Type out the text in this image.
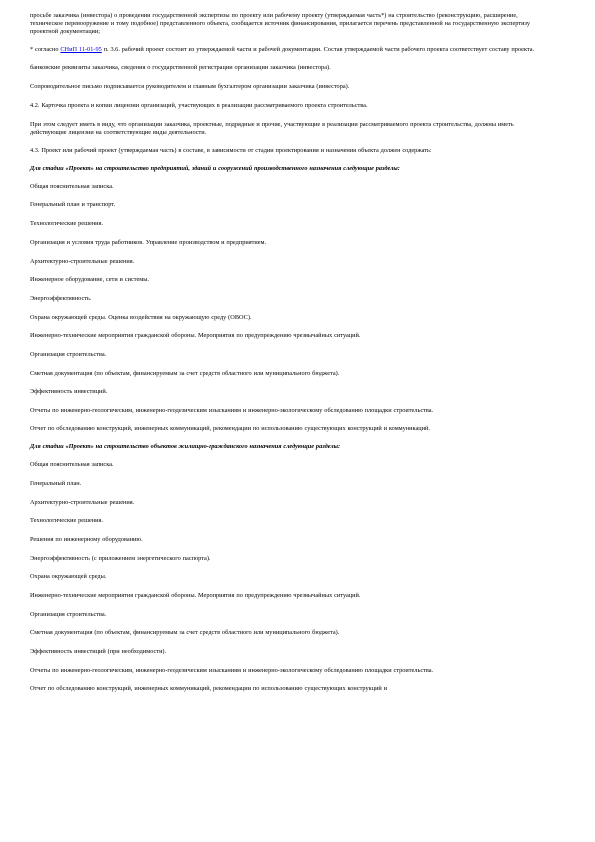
просьбе заказчика (инвестора) о проведении государственной экспертизы по проекту или рабочему проекту (утверждаемая часть*) на строительство (реконструкцию, расширение, техническое перевооружение и тому подобное) представленного объекта, сообщается источник финансирования, прилагается перечень представленной на государственную экспертизу проектной документации;

* согласно СНиП 11-01-95 п. 3.6. рабочий проект состоит из утверждаемой части и рабочей документации. Состав утверждаемой части рабочего проекта соответствует составу проекта.

банковские реквизиты заказчика, сведения о государственной регистрации организации заказчика (инвестора).

Сопроводительное письмо подписывается руководителем и главным бухгалтером организации заказчика (инвестора).

4.2. Карточка проекта и копии лицензии организаций, участвующих в реализации рассматриваемого проекта строительства.

При этом следует иметь в виду, что организации заказчика, проектные, подрядные и прочие, участвующие в реализации рассматриваемого проекта строительства, должны иметь действующие лицензии на соответствующие виды деятельности.

4.3. Проект или рабочий проект (утверждаемая часть) в составе, в зависимости от стадии проектирования и назначения объекта должен содержать:

Для стадии «Проект» на строительство предприятий, зданий и сооружений производственного назначения следующие разделы:

Общая пояснительная записка.

Генеральный план и транспорт.

Технологические решения.

Организация и условия труда работников. Управление производством и предприятием.

Архитектурно-строительные решения.

Инженерное оборудование, сети и системы.

Энергоэффективность.

Охрана окружающей среды. Оценка воздействия на окружающую среду (ОВОС).

Инженерно-технические мероприятия гражданской обороны. Мероприятия по предупреждению чрезвычайных ситуаций.

Организация строительства.

Сметная документация (по объектам, финансируемым за счет средств областного или муниципального бюджета).

Эффективность инвестиций.

Отчеты по инженерно-геологическим, инженерно-геодезическим изысканиям и инженерно-экологическому обследованию площадки строительства.

Отчет по обследованию конструкций, инженерных коммуникаций, рекомендации по использованию существующих конструкций и коммуникаций.

Для стадии «Проект» на строительство объектов жилищно-гражданского назначения следующие разделы:

Общая пояснительная записка.

Генеральный план.

Архитектурно-строительные решения.

Технологические решения.

Решения по инженерному оборудованию.

Энергоэффективность (с приложением энергетического паспорта).

Охрана окружающей среды.

Инженерно-технические мероприятия гражданской обороны. Мероприятия по предупреждению чрезвычайных ситуаций.

Организация строительства.

Сметная документация (по объектам, финансируемым за счет средств областного или муниципального бюджета).

Эффективность инвестиций (при необходимости).

Отчеты по инженерно-геологическим, инженерно-геодезическим изысканиям и инженерно-экологическому обследованию площадки строительства.

Отчет по обследованию конструкций, инженерных коммуникаций, рекомендации по использованию существующих конструкций и
